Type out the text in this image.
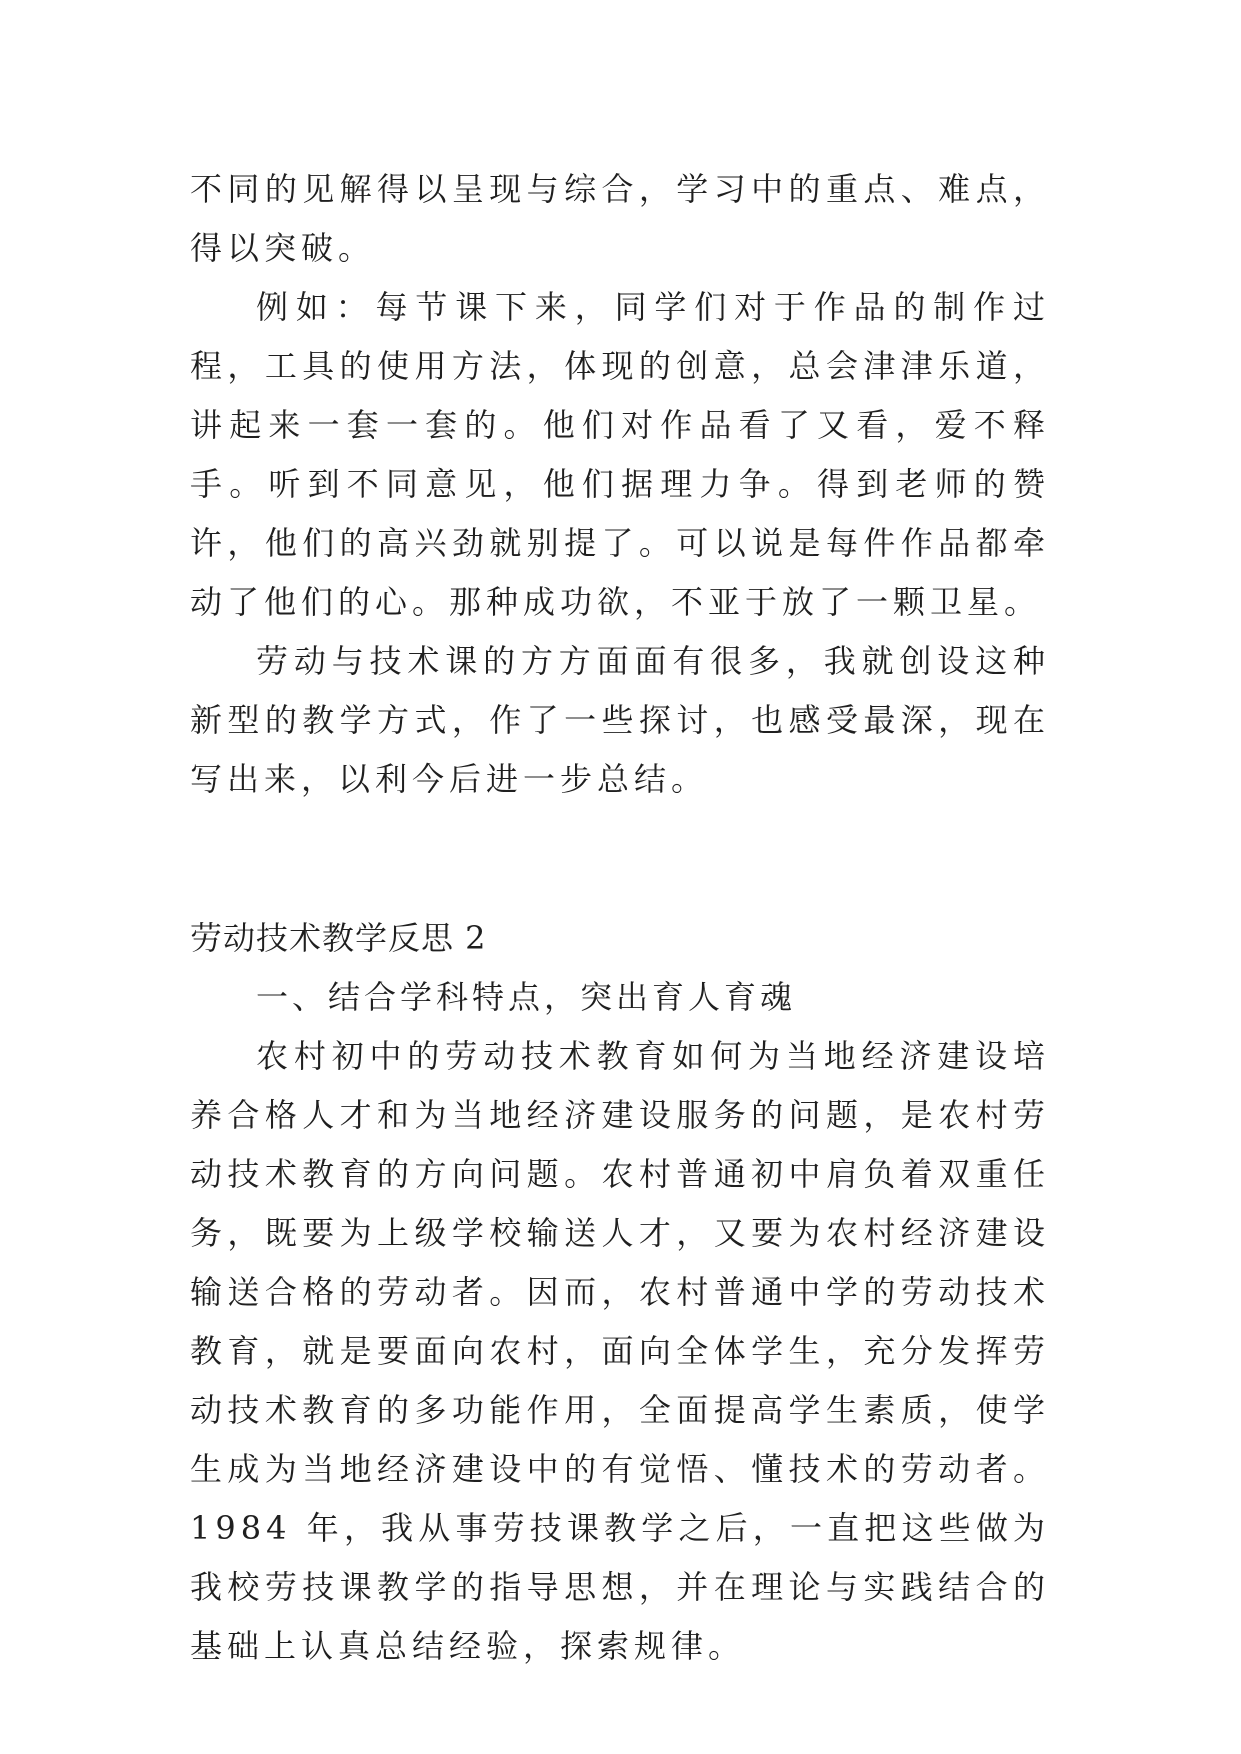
不同的见解得以呈现与综合，学习中的重点、难点，得以突破。

例如：每节课下来，同学们对于作品的制作过程，工具的使用方法，体现的创意，总会津津乐道，讲起来一套一套的。他们对作品看了又看，爱不释手。听到不同意见，他们据理力争。得到老师的赞许，他们的高兴劲就别提了。可以说是每件作品都牵动了他们的心。那种成功欲，不亚于放了一颗卫星。

劳动与技术课的方方面面有很多，我就创设这种新型的教学方式，作了一些探讨，也感受最深，现在写出来，以利今后进一步总结。

劳动技术教学反思 2

一、结合学科特点，突出育人育魂

农村初中的劳动技术教育如何为当地经济建设培养合格人才和为当地经济建设服务的问题，是农村劳动技术教育的方向问题。农村普通初中肩负着双重任务，既要为上级学校输送人才，又要为农村经济建设输送合格的劳动者。因而，农村普通中学的劳动技术教育，就是要面向农村，面向全体学生，充分发挥劳动技术教育的多功能作用，全面提高学生素质，使学生成为当地经济建设中的有觉悟、懂技术的劳动者。1984 年，我从事劳技课教学之后，一直把这些做为我校劳技课教学的指导思想，并在理论与实践结合的基础上认真总结经验，探索规律。
